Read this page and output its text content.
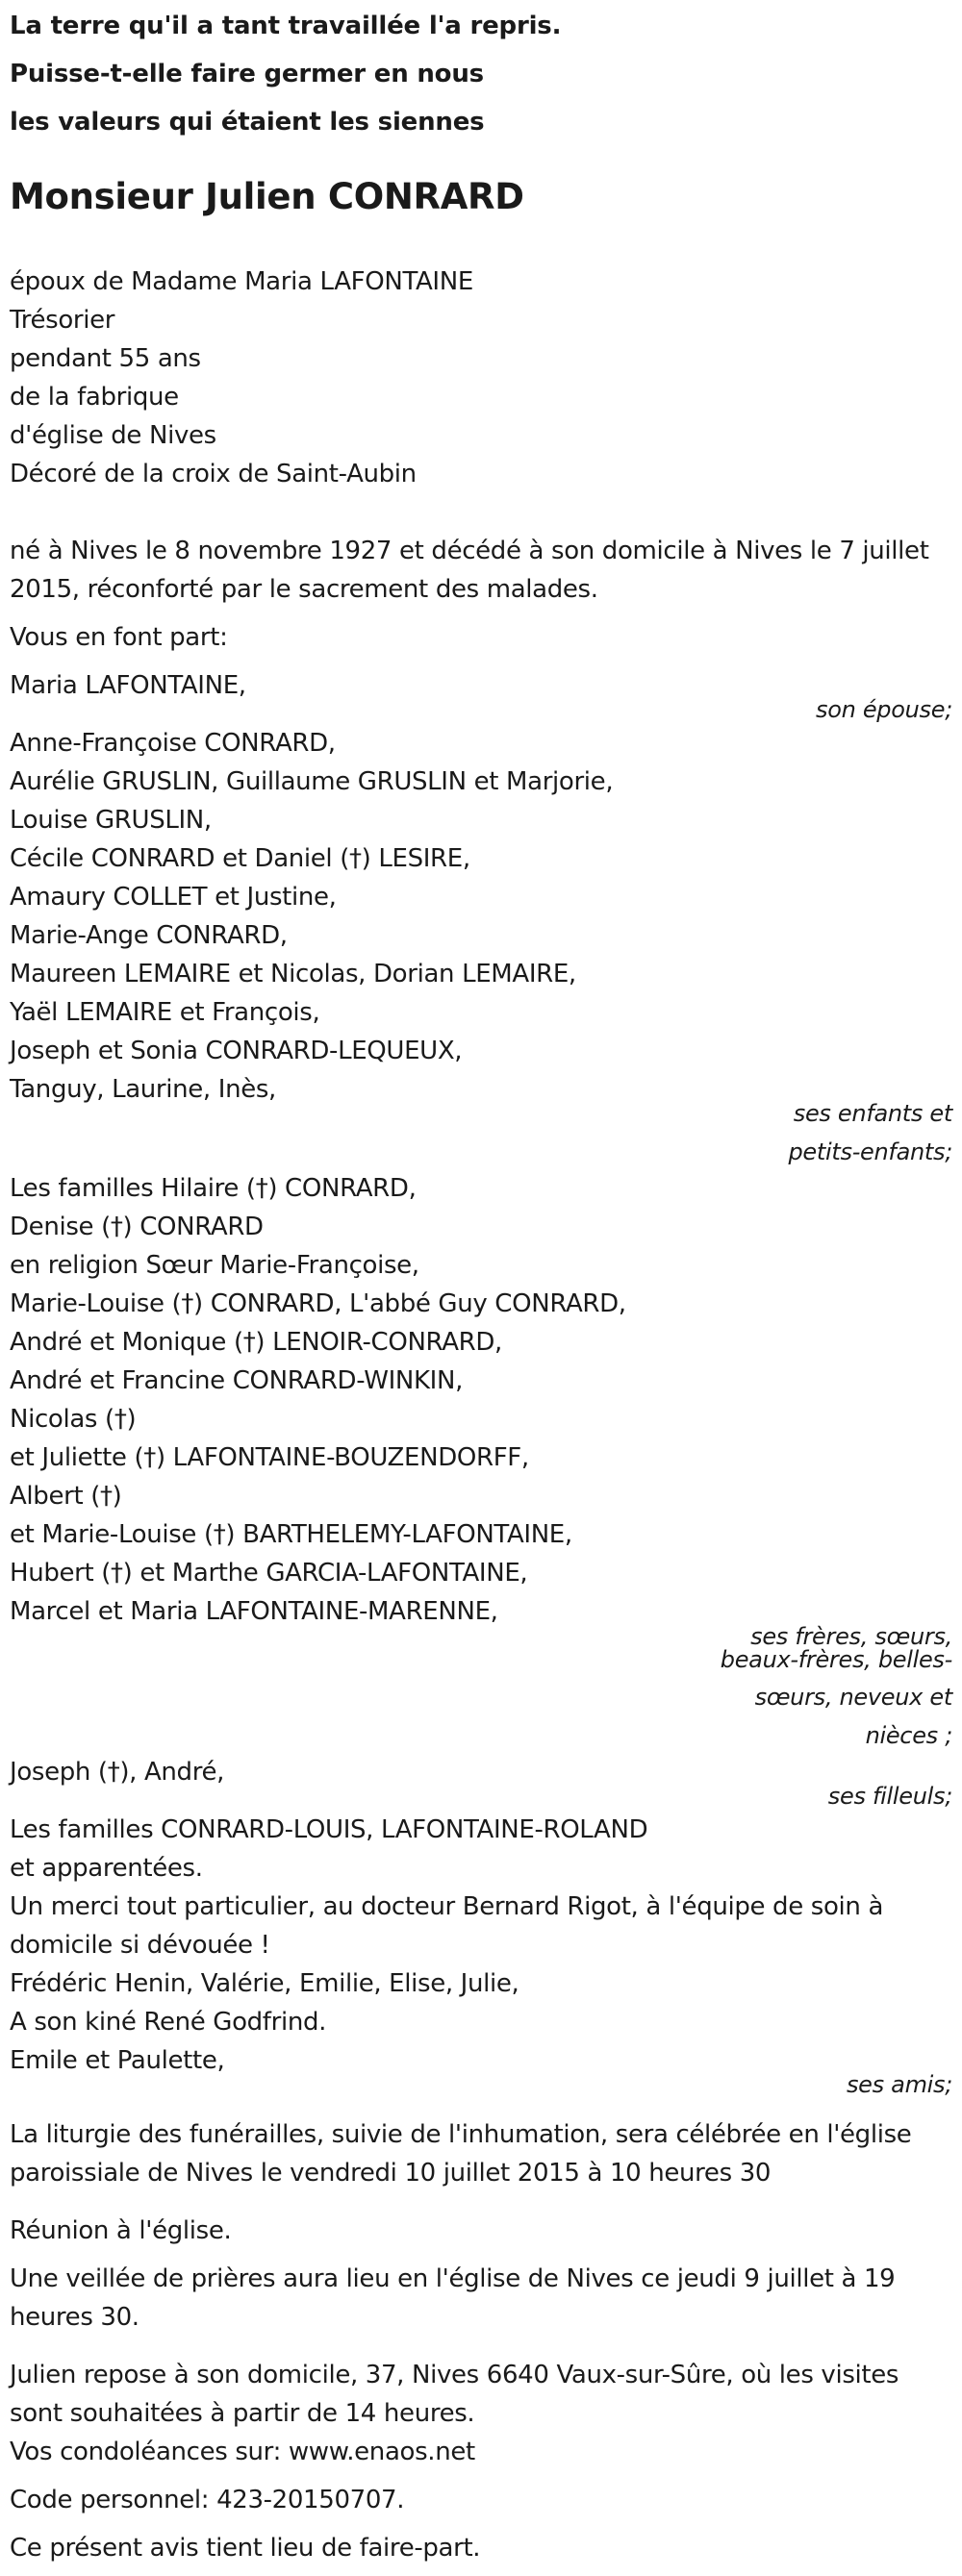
La terre qu'il a tant travaillée l'a repris.
Puisse-t-elle faire germer en nous
les valeurs qui étaient les siennes
Monsieur Julien CONRARD
époux de Madame Maria LAFONTAINE
Trésorier
pendant 55 ans
de la fabrique
d'église de Nives
Décoré de la croix de Saint-Aubin
né à Nives le 8 novembre 1927 et décédé à son domicile à Nives le 7 juillet
2015, réconforté par le sacrement des malades.
Vous en font part:
Maria LAFONTAINE,
son épouse;
Anne-Françoise CONRARD,
Aurélie GRUSLIN, Guillaume GRUSLIN et Marjorie,
Louise GRUSLIN,
Cécile CONRARD et Daniel (†) LESIRE,
Amaury COLLET et Justine,
Marie-Ange CONRARD,
Maureen LEMAIRE et Nicolas, Dorian LEMAIRE,
Yaël LEMAIRE et François,
Joseph et Sonia CONRARD-LEQUEUX,
Tanguy, Laurine, Inès,
ses enfants et
petits-enfants;
Les familles Hilaire (†) CONRARD,
Denise (†) CONRARD
en religion Sœur Marie-Françoise,
Marie-Louise (†) CONRARD, L'abbé Guy CONRARD,
André et Monique (†) LENOIR-CONRARD,
André et Francine CONRARD-WINKIN,
Nicolas (†)
et Juliette (†) LAFONTAINE-BOUZENDORFF,
Albert (†)
et Marie-Louise (†) BARTHELEMY-LAFONTAINE,
Hubert (†) et Marthe GARCIA-LAFONTAINE,
Marcel et Maria LAFONTAINE-MARENNE,
ses frères, sœurs,
beaux-frères, belles-
sœurs, neveux et
nièces ;
Joseph (†), André,
ses filleuls;
Les familles CONRARD-LOUIS, LAFONTAINE-ROLAND
et apparentées.
Un merci tout particulier, au docteur Bernard Rigot, à l'équipe de soin à domicile si dévouée !
Frédéric Henin, Valérie, Emilie, Elise, Julie,
A son kiné René Godfrind.
Emile et Paulette,
ses amis;
La liturgie des funérailles, suivie de l'inhumation, sera célébrée en l'église paroissiale de Nives le vendredi 10 juillet 2015 à 10 heures 30
Réunion à l'église.
Une veillée de prières aura lieu en l'église de Nives ce jeudi 9 juillet à 19 heures 30.
Julien repose à son domicile, 37, Nives 6640 Vaux-sur-Sûre, où les visites sont souhaitées à partir de 14 heures.
Vos condoléances sur: www.enaos.net
Code personnel: 423-20150707.
Ce présent avis tient lieu de faire-part.
